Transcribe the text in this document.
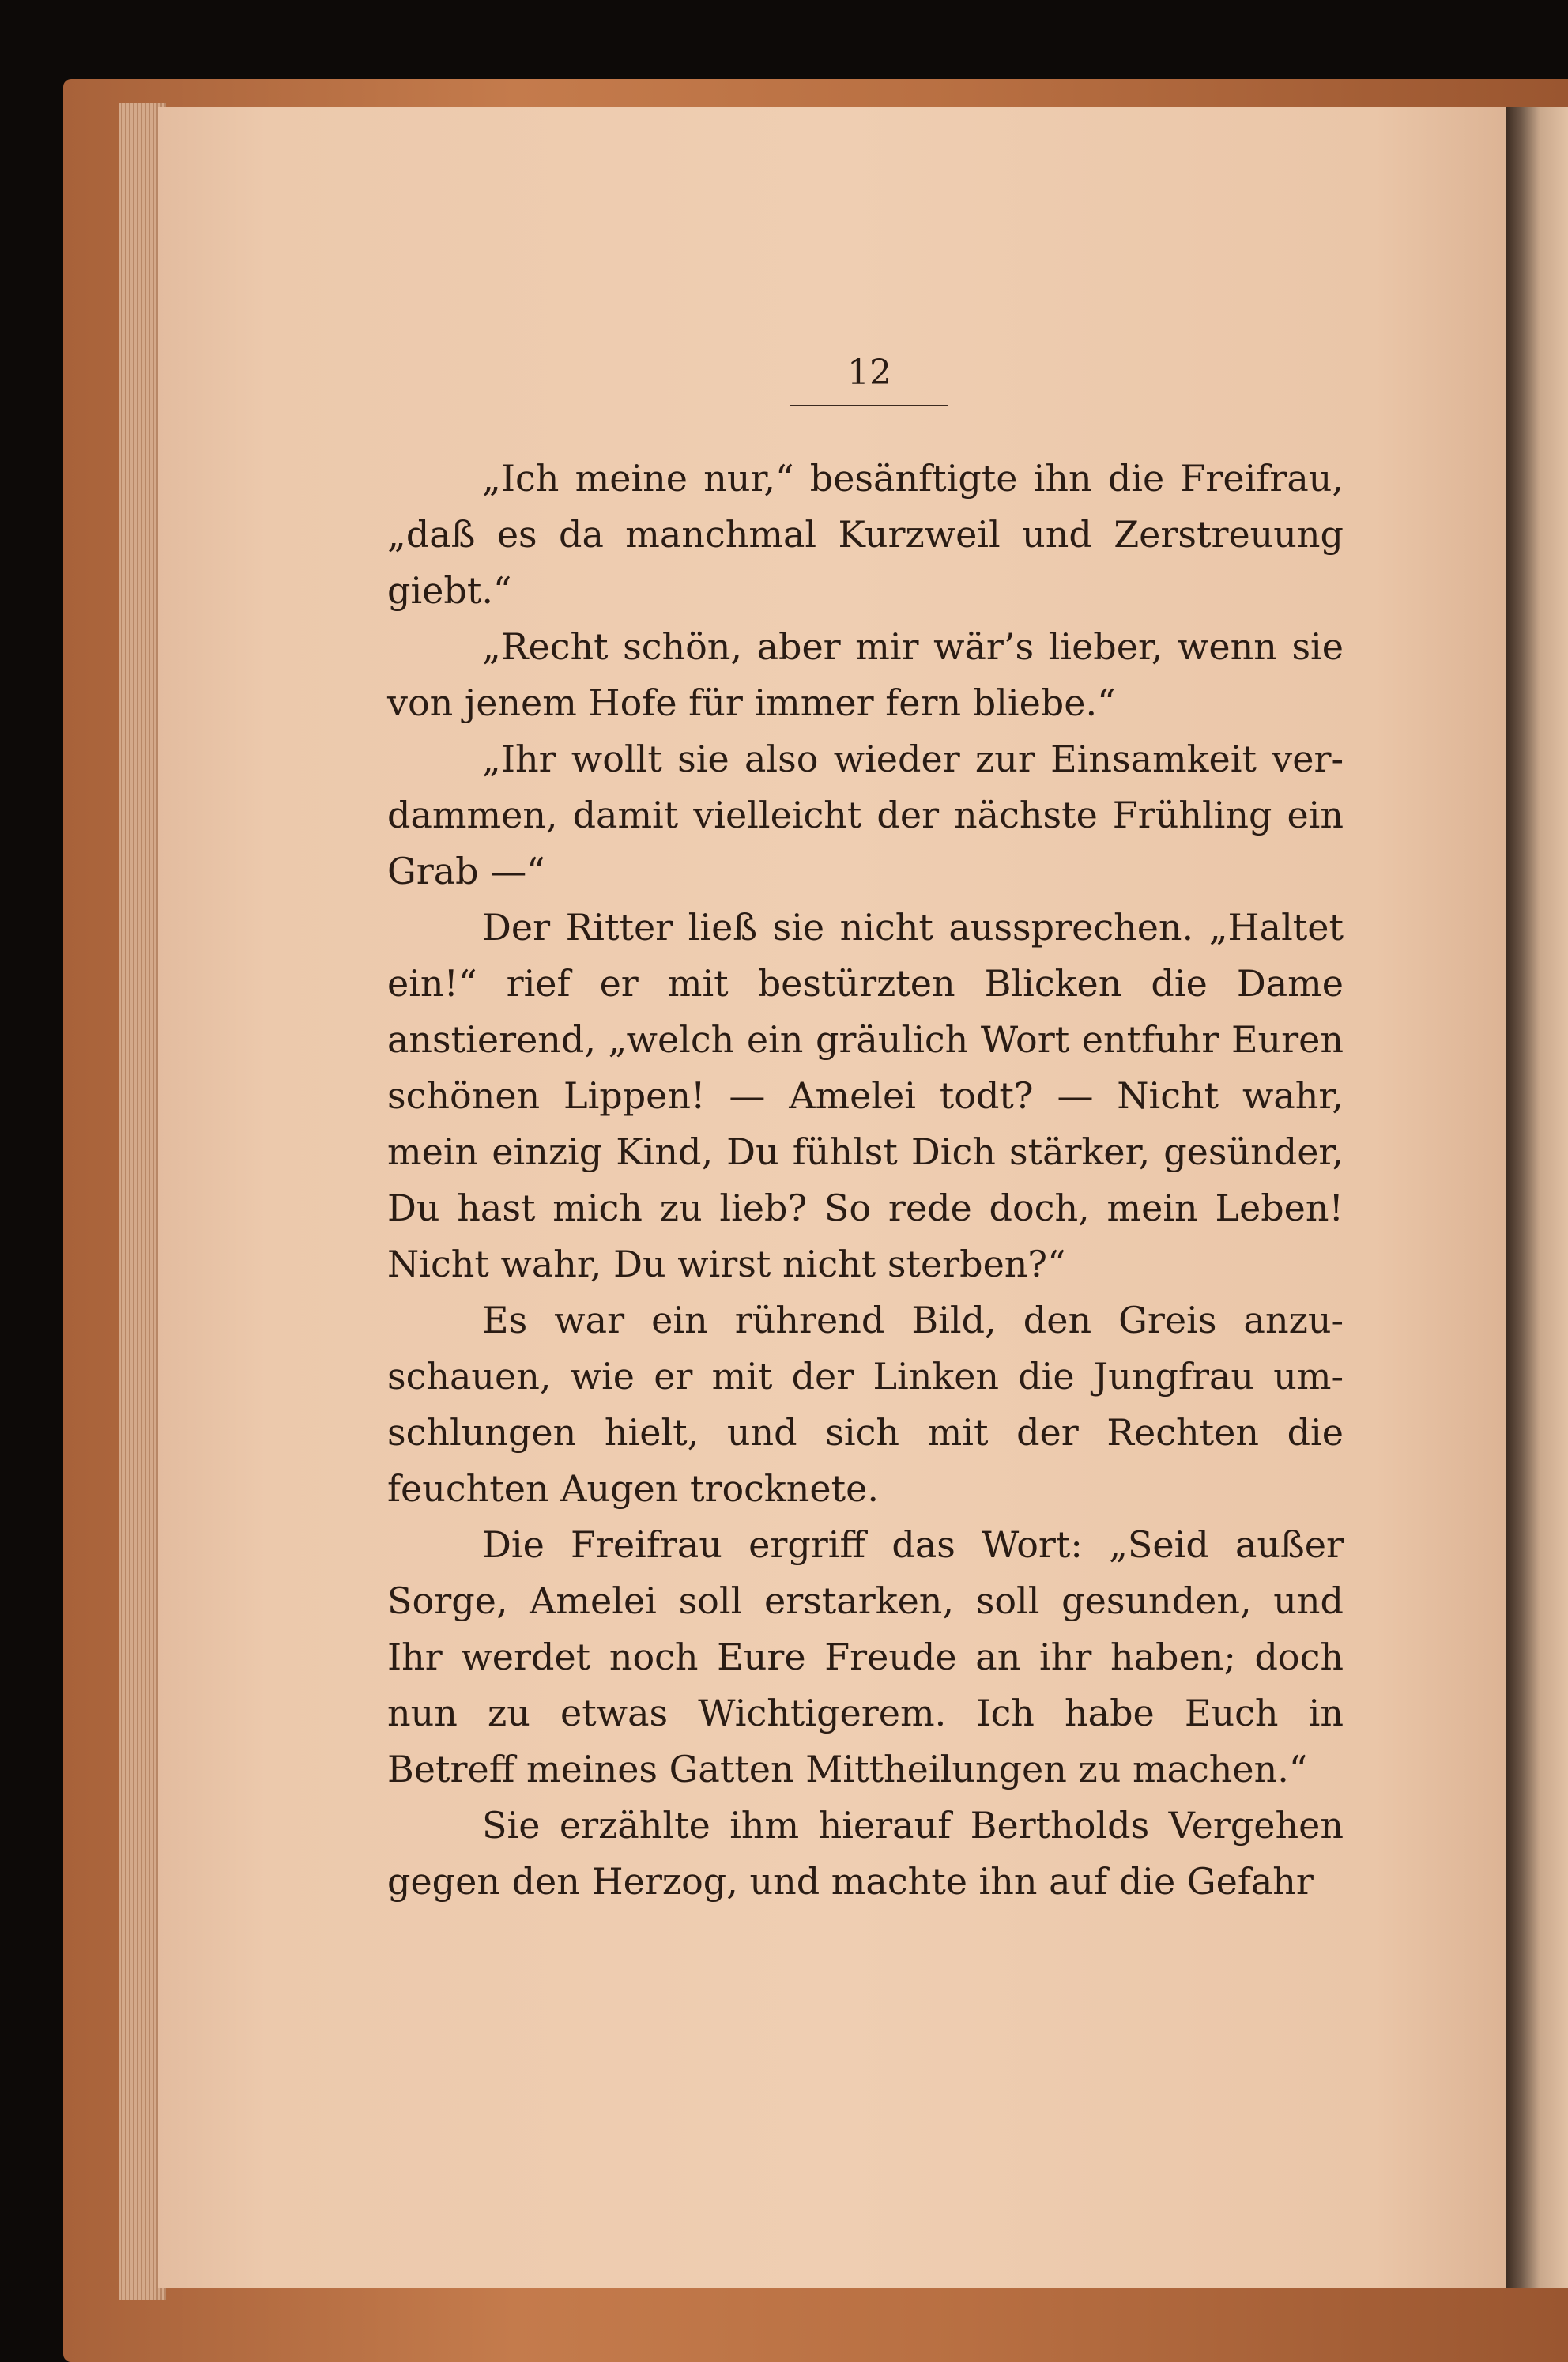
12

„Ich meine nur,“ besänftigte ihn die Freifrau, „daß es da manchmal Kurzweil und Zerstreuung giebt.“

„Recht schön, aber mir wär’s lieber, wenn sie von jenem Hofe für immer fern bliebe.“

„Ihr wollt sie also wieder zur Einsamkeit verdammen, damit vielleicht der nächste Frühling ein Grab —“

Der Ritter ließ sie nicht aussprechen. „Haltet ein!“ rief er mit bestürzten Blicken die Dame anstierend, „welch ein gräulich Wort entfuhr Euren schönen Lippen! — Amelei todt? — Nicht wahr, mein einzig Kind, Du fühlst Dich stärker, gesünder, Du hast mich zu lieb? So rede doch, mein Leben! Nicht wahr, Du wirst nicht sterben?“

Es war ein rührend Bild, den Greis anzuschauen, wie er mit der Linken die Jungfrau umschlungen hielt, und sich mit der Rechten die feuchten Augen trocknete.

Die Freifrau ergriff das Wort: „Seid außer Sorge, Amelei soll erstarken, soll gesunden, und Ihr werdet noch Eure Freude an ihr haben; doch nun zu etwas Wichtigerem. Ich habe Euch in Betreff meines Gatten Mittheilungen zu machen.“

Sie erzählte ihm hierauf Bertholds Vergehen gegen den Herzog, und machte ihn auf die Gefahr
